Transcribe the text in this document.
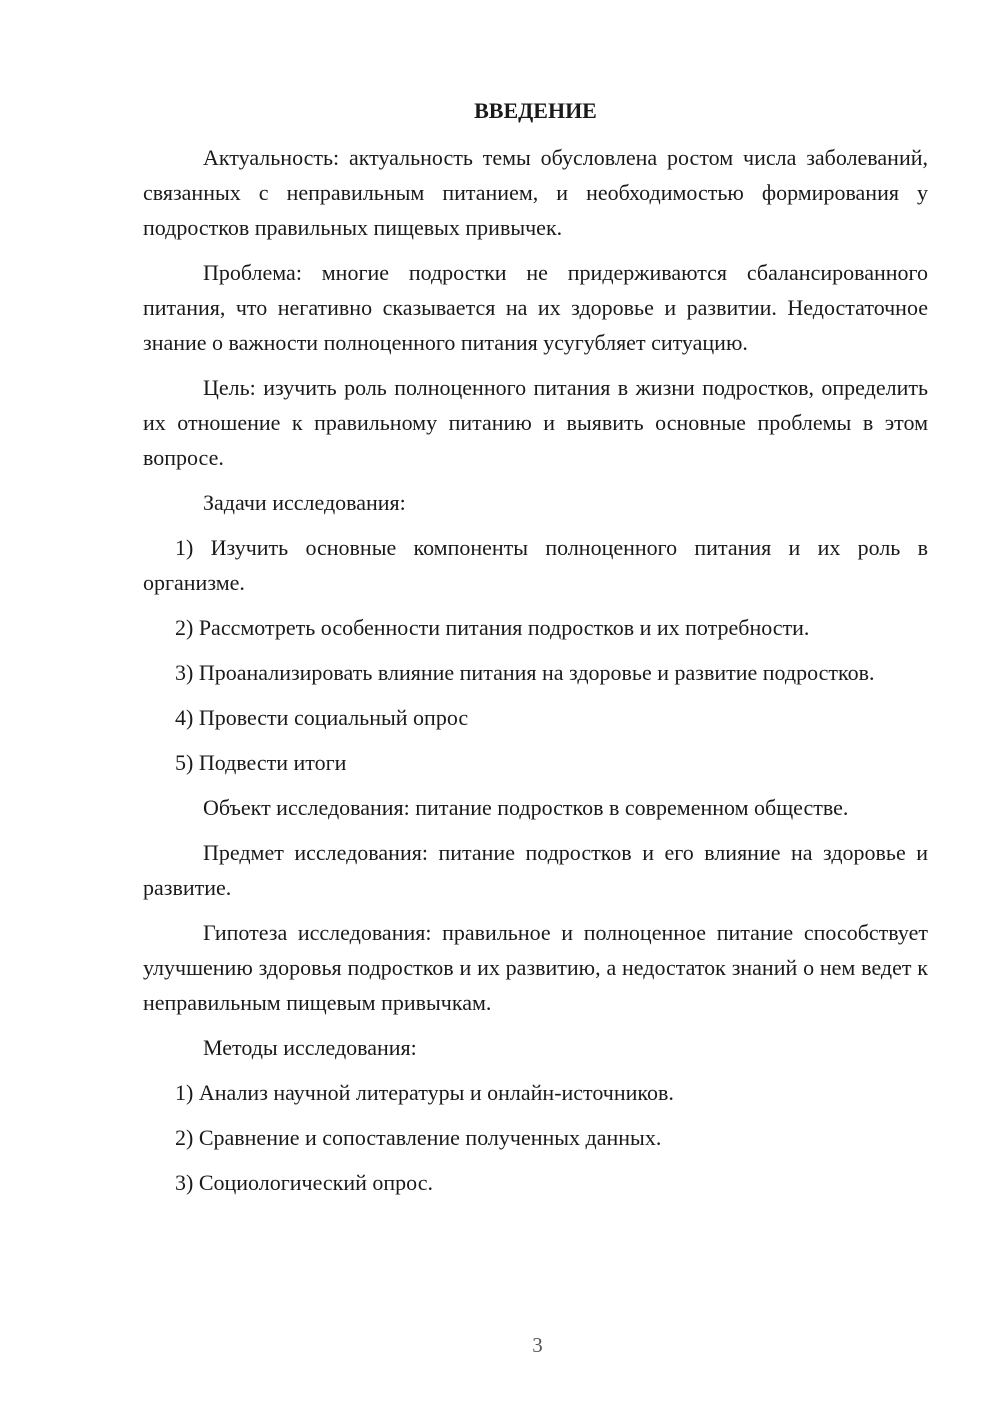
ВВЕДЕНИЕ

Актуальность: актуальность темы обусловлена ростом числа заболеваний, связанных с неправильным питанием, и необходимостью формирования у подростков правильных пищевых привычек.

Проблема: многие подростки не придерживаются сбалансированного питания, что негативно сказывается на их здоровье и развитии. Недостаточное знание о важности полноценного питания усугубляет ситуацию.

Цель: изучить роль полноценного питания в жизни подростков, определить их отношение к правильному питанию и выявить основные проблемы в этом вопросе.

Задачи исследования:

1) Изучить основные компоненты полноценного питания и их роль в организме.

2) Рассмотреть особенности питания подростков и их потребности.

3) Проанализировать влияние питания на здоровье и развитие подростков.

4) Провести социальный опрос

5) Подвести итоги

Объект исследования: питание подростков в современном обществе.

Предмет исследования: питание подростков и его влияние на здоровье и развитие.

Гипотеза исследования: правильное и полноценное питание способствует улучшению здоровья подростков и их развитию, а недостаток знаний о нем ведет к неправильным пищевым привычкам.

Методы исследования:

1) Анализ научной литературы и онлайн-источников.

2) Сравнение и сопоставление полученных данных.

3) Социологический опрос.

3
